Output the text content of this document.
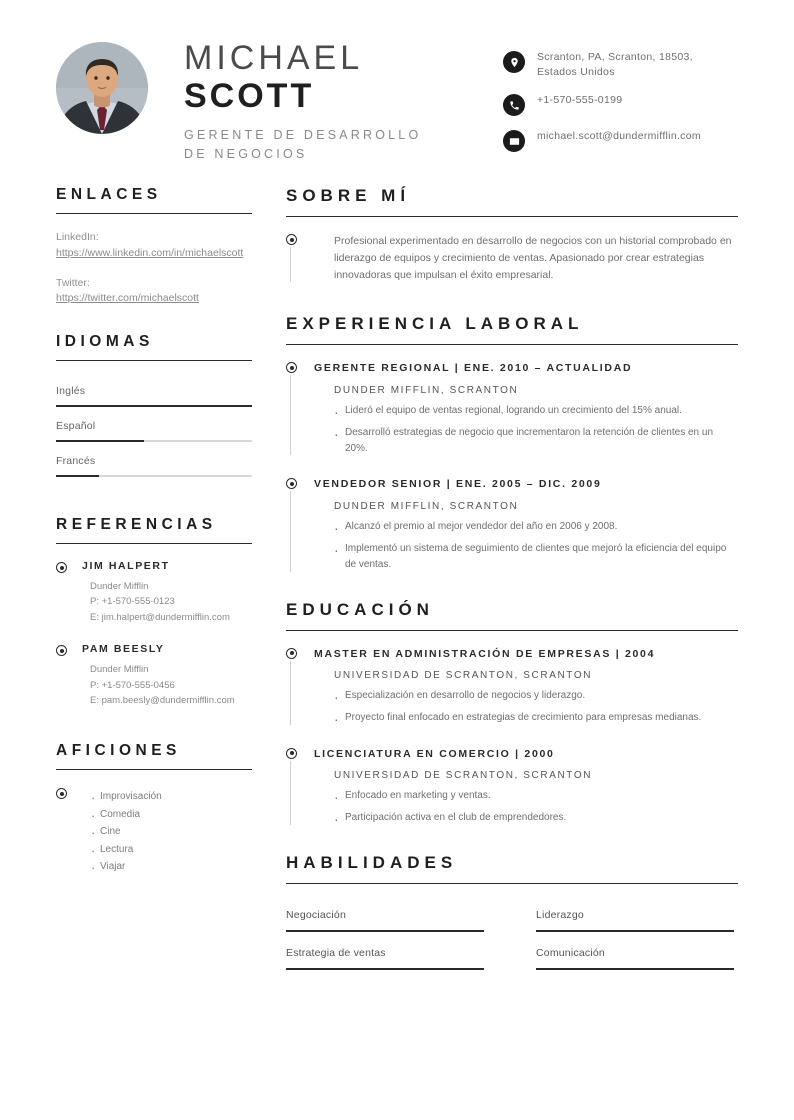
MICHAEL
SCOTT
GERENTE DE DESARROLLO DE NEGOCIOS
Scranton, PA, Scranton, 18503, Estados Unidos
+1-570-555-0199
michael.scott@dundermifflin.com
ENLACES
LinkedIn:
https://www.linkedin.com/in/michaelscott
Twitter:
https://twitter.com/michaelscott
IDIOMAS
Inglés
Español
Francés
REFERENCIAS
JIM HALPERT
Dunder Mifflin
P: +1-570-555-0123
E: jim.halpert@dundermifflin.com
PAM BEESLY
Dunder Mifflin
P: +1-570-555-0456
E: pam.beesly@dundermifflin.com
AFICIONES
· Improvisación
· Comedia
· Cine
· Lectura
· Viajar
SOBRE MÍ
Profesional experimentado en desarrollo de negocios con un historial comprobado en liderazgo de equipos y crecimiento de ventas. Apasionado por crear estrategias innovadoras que impulsan el éxito empresarial.
EXPERIENCIA LABORAL
GERENTE REGIONAL | ENE. 2010 – ACTUALIDAD
DUNDER MIFFLIN, SCRANTON
· Lideró el equipo de ventas regional, logrando un crecimiento del 15% anual.
· Desarrolló estrategias de negocio que incrementaron la retención de clientes en un 20%.
VENDEDOR SENIOR | ENE. 2005 – DIC. 2009
DUNDER MIFFLIN, SCRANTON
· Alcanzó el premio al mejor vendedor del año en 2006 y 2008.
· Implementó un sistema de seguimiento de clientes que mejoró la eficiencia del equipo de ventas.
EDUCACIÓN
MASTER EN ADMINISTRACIÓN DE EMPRESAS | 2004
UNIVERSIDAD DE SCRANTON, SCRANTON
· Especialización en desarrollo de negocios y liderazgo.
· Proyecto final enfocado en estrategias de crecimiento para empresas medianas.
LICENCIATURA EN COMERCIO | 2000
UNIVERSIDAD DE SCRANTON, SCRANTON
· Enfocado en marketing y ventas.
· Participación activa en el club de emprendedores.
HABILIDADES
Negociación	Liderazgo
Estrategia de ventas	Comunicación
